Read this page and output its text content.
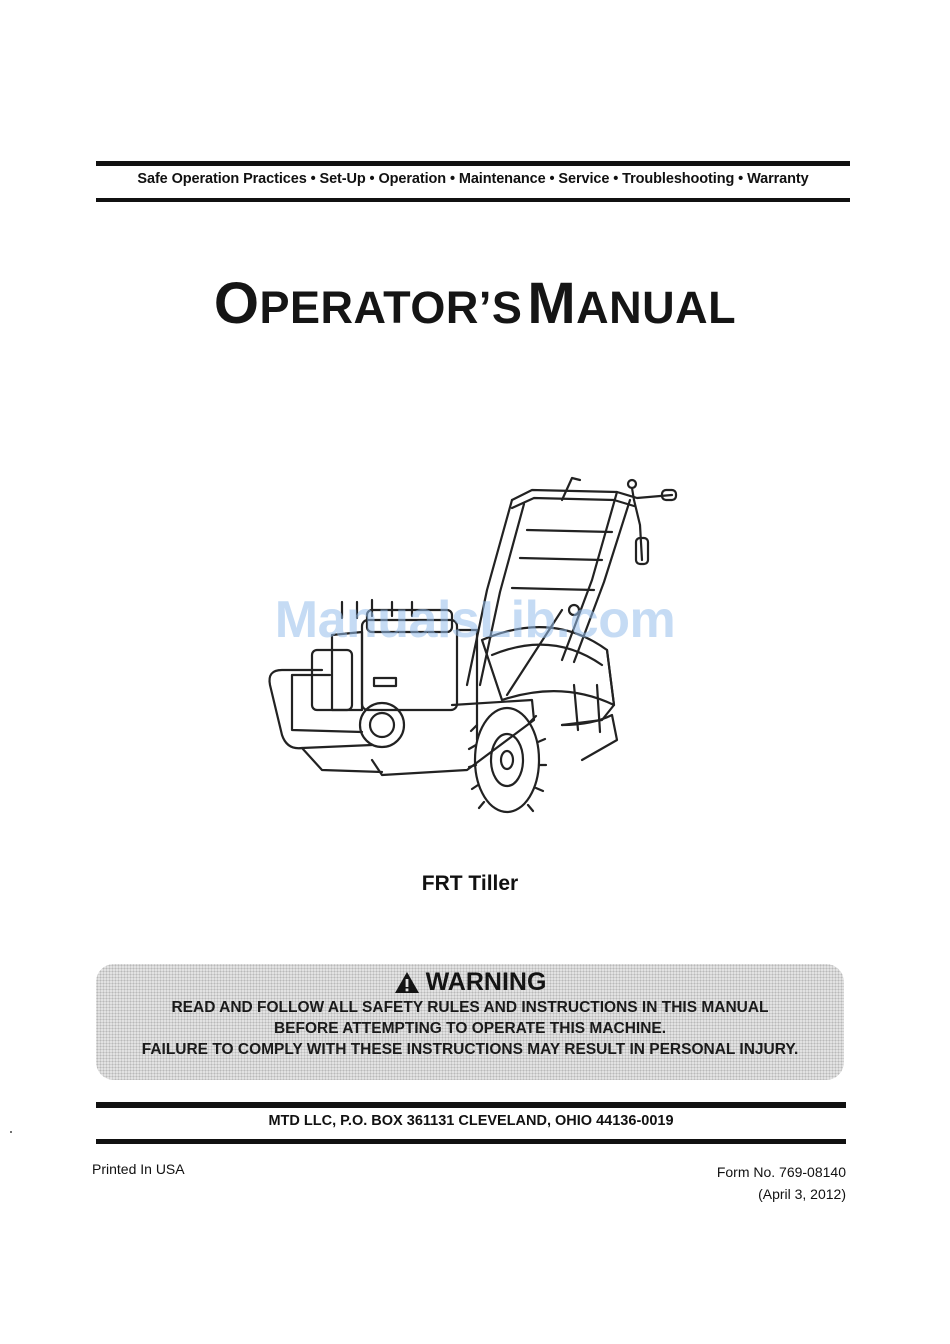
Safe Operation Practices • Set-Up • Operation • Maintenance • Service • Troubleshooting • Warranty
OPERATOR’S MANUAL
ManualsLib.com
FRT Tiller
WARNING
READ AND FOLLOW ALL SAFETY RULES AND INSTRUCTIONS IN THIS MANUAL
BEFORE ATTEMPTING TO OPERATE THIS MACHINE.
FAILURE TO COMPLY WITH THESE INSTRUCTIONS MAY RESULT IN PERSONAL INJURY.
MTD LLC, P.O. BOX 361131 CLEVELAND, OHIO 44136-0019
Printed In USA	Form No. 769-08140
(April 3, 2012)
